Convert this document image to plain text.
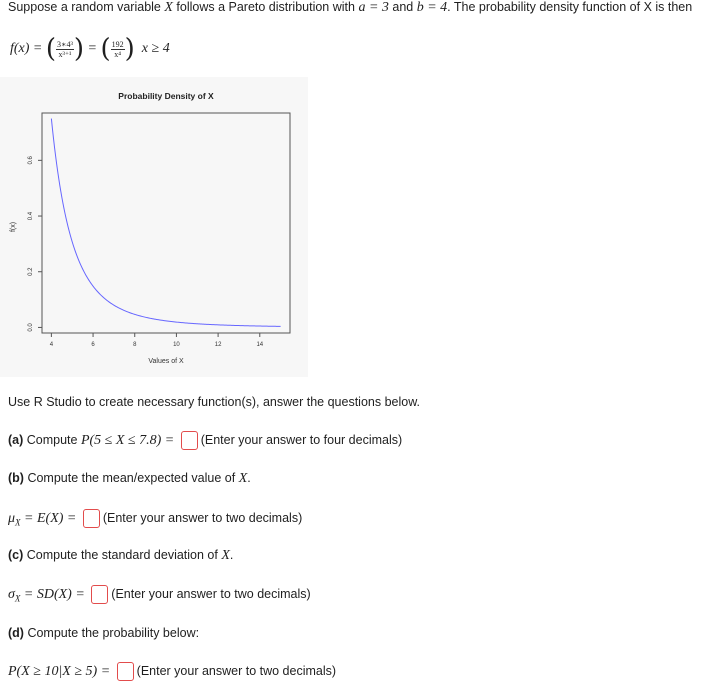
Suppose a random variable X follows a Pareto distribution with a = 3 and b = 4. The probability density function of X is then
f(x) = ( $\frac{\text{3∗4³}}{\text{x³⁺¹}}$ ) = ( $\frac{192}{\text{x⁴}}$ ) x ≥ 4
Probability Density of X
4	6	8	10	12	14
0.0
0.2
0.4
0.6
Values of X
f(x)
Use R Studio to create necessary function(s), answer the questions below.
(a) Compute P(5 ≤ X ≤ 7.8) = (Enter your answer to four decimals)
(b) Compute the mean/expected value of X.
$\mu_X = E(X)$ = (Enter your answer to two decimals)
(c) Compute the standard deviation of X.
$\sigma_X = SD(X)$ = (Enter your answer to two decimals)
(d) Compute the probability below:
P(X ≥ 10|X ≥ 5) = (Enter your answer to two decimals)
